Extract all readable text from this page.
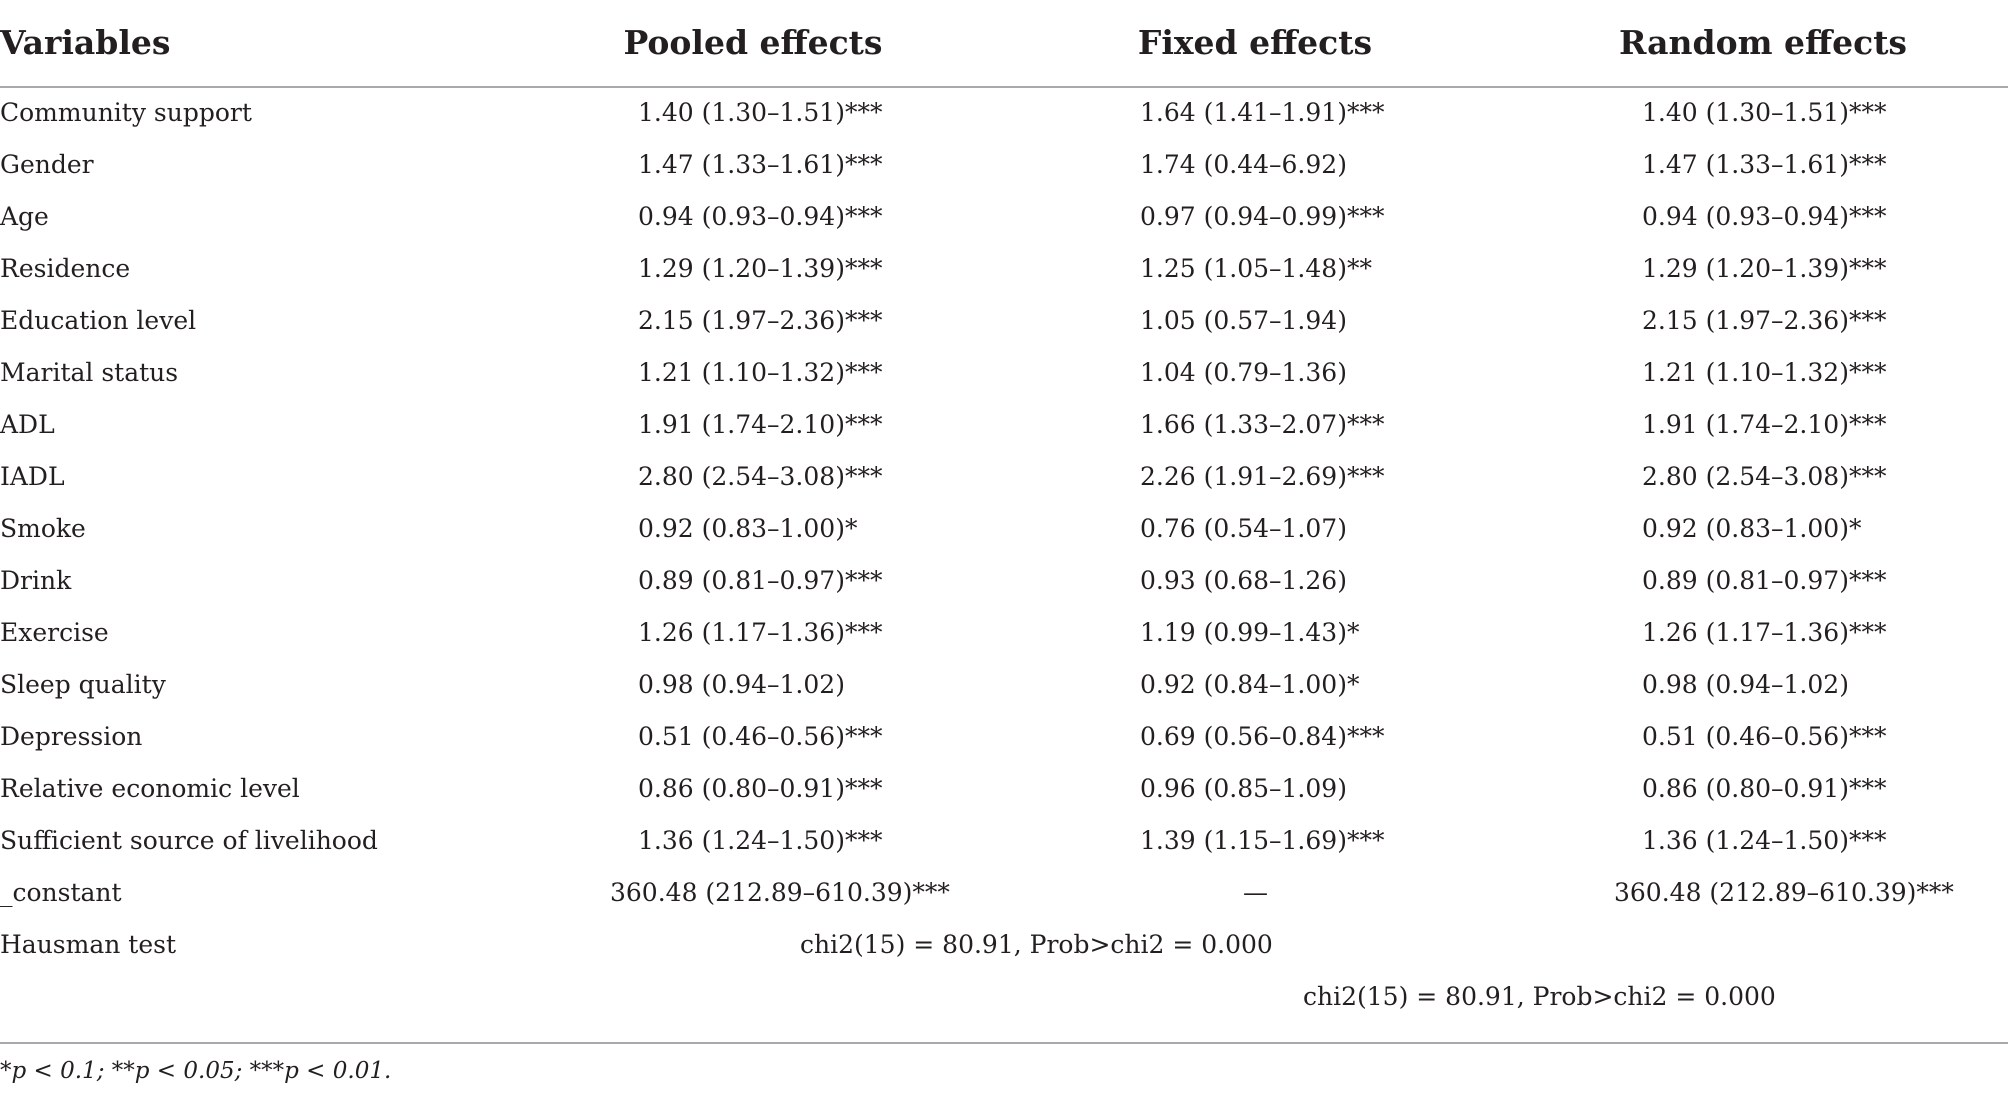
Variables	Pooled effects	Fixed effects	Random effects
Community support	1.40 (1.30–1.51)***	1.64 (1.41–1.91)***	1.40 (1.30–1.51)***
Gender	1.47 (1.33–1.61)***	1.74 (0.44–6.92)	1.47 (1.33–1.61)***
Age	0.94 (0.93–0.94)***	0.97 (0.94–0.99)***	0.94 (0.93–0.94)***
Residence	1.29 (1.20–1.39)***	1.25 (1.05–1.48)**	1.29 (1.20–1.39)***
Education level	2.15 (1.97–2.36)***	1.05 (0.57–1.94)	2.15 (1.97–2.36)***
Marital status	1.21 (1.10–1.32)***	1.04 (0.79–1.36)	1.21 (1.10–1.32)***
ADL	1.91 (1.74–2.10)***	1.66 (1.33–2.07)***	1.91 (1.74–2.10)***
IADL	2.80 (2.54–3.08)***	2.26 (1.91–2.69)***	2.80 (2.54–3.08)***
Smoke	0.92 (0.83–1.00)*	0.76 (0.54–1.07)	0.92 (0.83–1.00)*
Drink	0.89 (0.81–0.97)***	0.93 (0.68–1.26)	0.89 (0.81–0.97)***
Exercise	1.26 (1.17–1.36)***	1.19 (0.99–1.43)*	1.26 (1.17–1.36)***
Sleep quality	0.98 (0.94–1.02)	0.92 (0.84–1.00)*	0.98 (0.94–1.02)
Depression	0.51 (0.46–0.56)***	0.69 (0.56–0.84)***	0.51 (0.46–0.56)***
Relative economic level	0.86 (0.80–0.91)***	0.96 (0.85–1.09)	0.86 (0.80–0.91)***
Sufficient source of livelihood	1.36 (1.24–1.50)***	1.39 (1.15–1.69)***	1.36 (1.24–1.50)***
_constant	360.48 (212.89–610.39)***	—	360.48 (212.89–610.39)***
Hausman test	chi2(15) = 80.91, Prob>chi2 = 0.000
chi2(15) = 80.91, Prob>chi2 = 0.000
*p < 0.1; **p < 0.05; ***p < 0.01.
